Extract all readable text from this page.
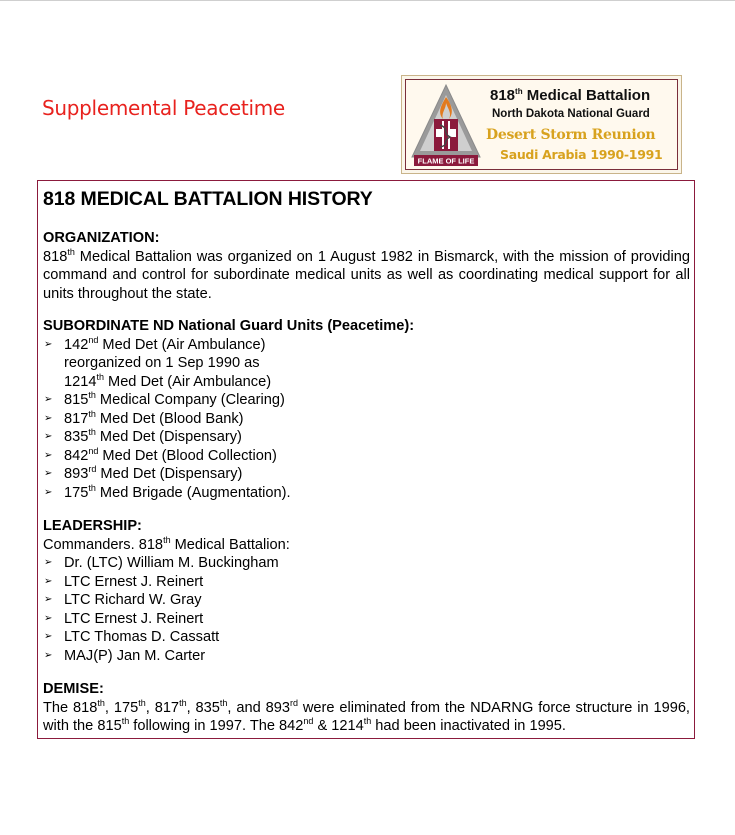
Supplemental Peacetime
FLAME OF LIFE
818th Medical Battalion
North Dakota National Guard
Desert Storm Reunion
Saudi Arabia 1990-1991
818 MEDICAL BATTALION HISTORY
ORGANIZATION:

818th Medical Battalion was organized on 1 August 1982 in Bismarck, with the mission of providing command and control for subordinate medical units as well as coordinating medical support for all units throughout the state.

SUBORDINATE ND National Guard Units (Peacetime):
➢ 142nd Med Det (Air Ambulance)
reorganized on 1 Sep 1990 as
1214th Med Det (Air Ambulance)
➢ 815th Medical Company (Clearing)
➢ 817th Med Det (Blood Bank)
➢ 835th Med Det (Dispensary)
➢ 842nd Med Det (Blood Collection)
➢ 893rd Med Det (Dispensary)
➢ 175th Med Brigade (Augmentation).
LEADERSHIP:

Commanders. 818th Medical Battalion:

➢ Dr. (LTC) William M. Buckingham
➢ LTC Ernest J. Reinert
➢ LTC Richard W. Gray
➢ LTC Ernest J. Reinert
➢ LTC Thomas D. Cassatt
➢ MAJ(P) Jan M. Carter
DEMISE:

The 818th, 175th, 817th, 835th, and 893rd were eliminated from the NDARNG force structure in 1996, with the 815th following in 1997. The 842nd & 1214th had been inactivated in 1995.
